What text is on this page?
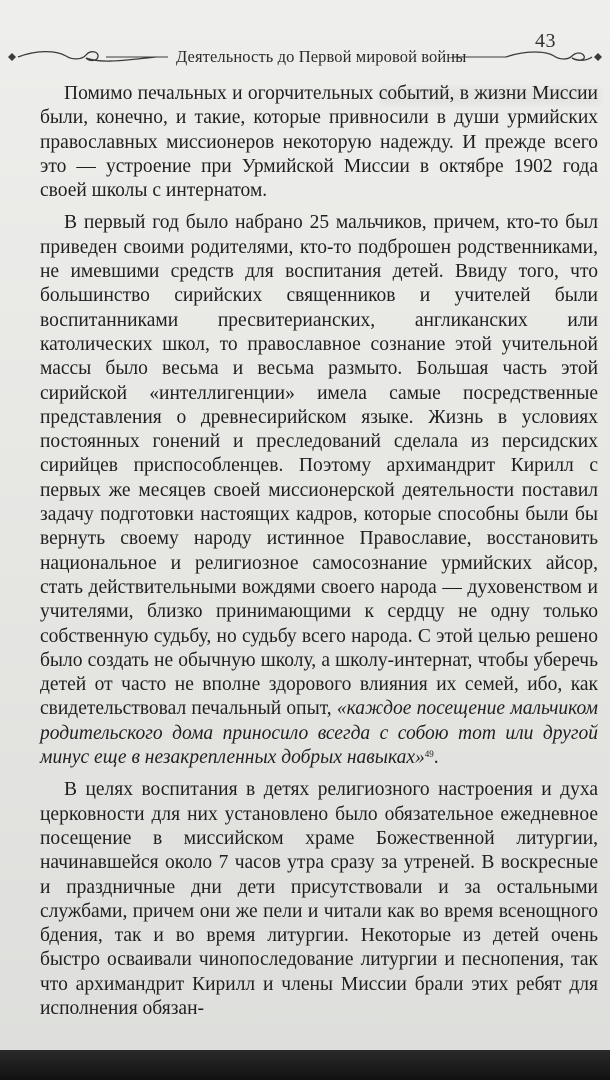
43
Деятельность до Первой мировой войны

Помимо печальных и огорчительных событий, в жизни Миссии были, конечно, и такие, которые привносили в души урмийских православных миссионеров некоторую надежду. И прежде всего это — устроение при Урмийской Миссии в октябре 1902 года своей школы с интернатом.

В первый год было набрано 25 мальчиков, причем, кто-то был приведен своими родителями, кто-то подброшен родственниками, не имевшими средств для воспитания детей. Ввиду того, что большинство сирийских священников и учителей были воспитанниками пресвитерианских, англиканских или католических школ, то православное сознание этой учительной массы было весьма и весьма размыто. Большая часть этой сирийской «интеллигенции» имела самые посредственные представления о древнесирийском языке. Жизнь в условиях постоянных гонений и преследований сделала из персидских сирийцев приспособленцев. Поэтому архимандрит Кирилл с первых же месяцев своей миссионерской деятельности поставил задачу подготовки настоящих кадров, которые способны были бы вернуть своему народу истинное Православие, восстановить национальное и религиозное самосознание урмийских айсор, стать действительными вождями своего народа — духовенством и учителями, близко принимающими к сердцу не одну только собственную судьбу, но судьбу всего народа. С этой целью решено было создать не обычную школу, а школу-интернат, чтобы уберечь детей от часто не вполне здорового влияния их семей, ибо, как свидетельствовал печальный опыт, «каждое посещение мальчиком родительского дома приносило всегда с собою тот или другой минус еще в незакрепленных добрых навыках»$^{49}$.

В целях воспитания в детях религиозного настроения и духа церковности для них установлено было обязательное ежедневное посещение в миссийском храме Божественной литургии, начинавшейся около 7 часов утра сразу за утреней. В воскресные и праздничные дни дети присутствовали и за остальными службами, причем они же пели и читали как во время всенощного бдения, так и во время литургии. Некоторые из детей очень быстро осваивали чинопоследование литургии и песнопения, так что архимандрит Кирилл и члены Миссии брали этих ребят для исполнения обязан-
